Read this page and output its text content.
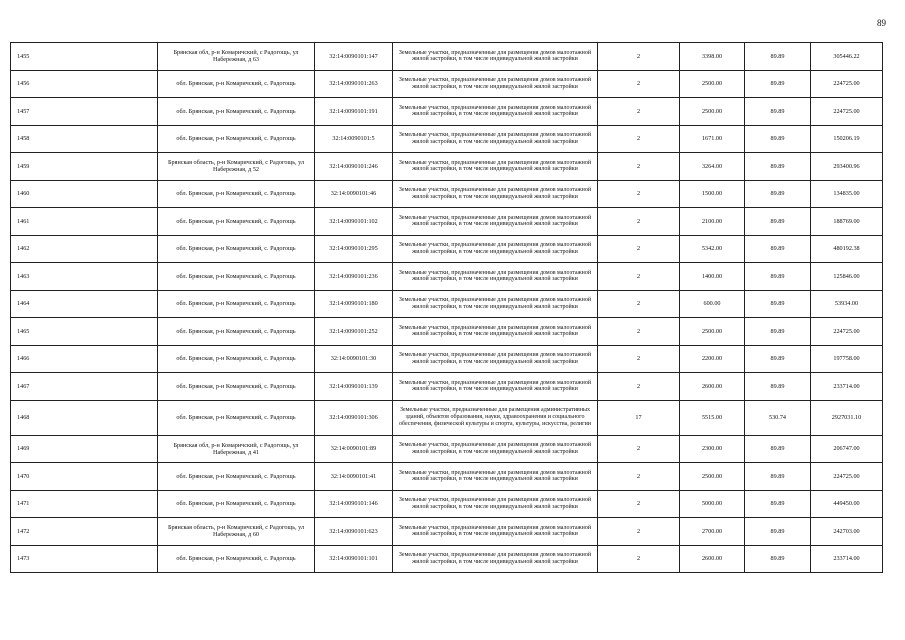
89
1455	Брянская обл, р-н Комаричский, с Радогощь, ул Набережная, д 63	32:14:0090101:147	Земельные участки, предназначенные для размещения домов малоэтажной жилой застройки, в том числе индивидуальной жилой застройки	2	3398.00	89.89	305446.22
1456	обл. Брянская, р-н Комаричский, с. Радогощь	32:14:0090101:263	Земельные участки, предназначенные для размещения домов малоэтажной жилой застройки, в том числе индивидуальной жилой застройки	2	2500.00	89.89	224725.00
1457	обл. Брянская, р-н Комаричский, с. Радогощь	32:14:0090101:191	Земельные участки, предназначенные для размещения домов малоэтажной жилой застройки, в том числе индивидуальной жилой застройки	2	2500.00	89.89	224725.00
1458	обл. Брянская, р-н Комаричский, с. Радогощь	32:14:0090101:5	Земельные участки, предназначенные для размещения домов малоэтажной жилой застройки, в том числе индивидуальной жилой застройки	2	1671.00	89.89	150206.19
1459	Брянская область, р-н Комаричский, с Радогощь, ул Набережная, д 52	32:14:0090101:246	Земельные участки, предназначенные для размещения домов малоэтажной жилой застройки, в том числе индивидуальной жилой застройки	2	3264.00	89.89	293400.96
1460	обл. Брянская, р-н Комаричский, с. Радогощь	32:14:0090101:46	Земельные участки, предназначенные для размещения домов малоэтажной жилой застройки, в том числе индивидуальной жилой застройки	2	1500.00	89.89	134835.00
1461	обл. Брянская, р-н Комаричский, с. Радогощь	32:14:0090101:102	Земельные участки, предназначенные для размещения домов малоэтажной жилой застройки, в том числе индивидуальной жилой застройки	2	2100.00	89.89	188769.00
1462	обл. Брянская, р-н Комаричский, с. Радогощь	32:14:0090101:295	Земельные участки, предназначенные для размещения домов малоэтажной жилой застройки, в том числе индивидуальной жилой застройки	2	5342.00	89.89	480192.38
1463	обл. Брянская, р-н Комаричский, с. Радогощь	32:14:0090101:236	Земельные участки, предназначенные для размещения домов малоэтажной жилой застройки, в том числе индивидуальной жилой застройки	2	1400.00	89.89	125846.00
1464	обл. Брянская, р-н Комаричский, с. Радогощь	32:14:0090101:180	Земельные участки, предназначенные для размещения домов малоэтажной жилой застройки, в том числе индивидуальной жилой застройки	2	600.00	89.89	53934.00
1465	обл. Брянская, р-н Комаричский, с. Радогощь	32:14:0090101:252	Земельные участки, предназначенные для размещения домов малоэтажной жилой застройки, в том числе индивидуальной жилой застройки	2	2500.00	89.89	224725.00
1466	обл. Брянская, р-н Комаричский, с. Радогощь	32:14:0090101:30	Земельные участки, предназначенные для размещения домов малоэтажной жилой застройки, в том числе индивидуальной жилой застройки	2	2200.00	89.89	197758.00
1467	обл. Брянская, р-н Комаричский, с. Радогощь	32:14:0090101:139	Земельные участки, предназначенные для размещения домов малоэтажной жилой застройки, в том числе индивидуальной жилой застройки	2	2600.00	89.89	233714.00
1468	обл. Брянская, р-н Комаричский, с. Радогощь	32:14:0090101:306	Земельные участки, предназначенные для размещения административных зданий, объектов образования, науки, здравоохранения и социального обеспечения, физической культуры и спорта, культуры, искусства, религии	17	5515.00	530.74	2927031.10
1469	Брянская обл, р-н Комаричский, с Радогощь, ул Набережная, д 41	32:14:0090101:89	Земельные участки, предназначенные для размещения домов малоэтажной жилой застройки, в том числе индивидуальной жилой застройки	2	2300.00	89.89	206747.00
1470	обл. Брянская, р-н Комаричский, с. Радогощь	32:14:0090101:41	Земельные участки, предназначенные для размещения домов малоэтажной жилой застройки, в том числе индивидуальной жилой застройки	2	2500.00	89.89	224725.00
1471	обл. Брянская, р-н Комаричский, с. Радогощь	32:14:0090101:146	Земельные участки, предназначенные для размещения домов малоэтажной жилой застройки, в том числе индивидуальной жилой застройки	2	5000.00	89.89	449450.00
1472	Брянская область, р-н Комаричский, с Радогощь, ул Набережная, д 60	32:14:0090101:623	Земельные участки, предназначенные для размещения домов малоэтажной жилой застройки, в том числе индивидуальной жилой застройки	2	2700.00	89.89	242703.00
1473	обл. Брянская, р-н Комаричский, с. Радогощь	32:14:0090101:101	Земельные участки, предназначенные для размещения домов малоэтажной жилой застройки, в том числе индивидуальной жилой застройки	2	2600.00	89.89	233714.00
